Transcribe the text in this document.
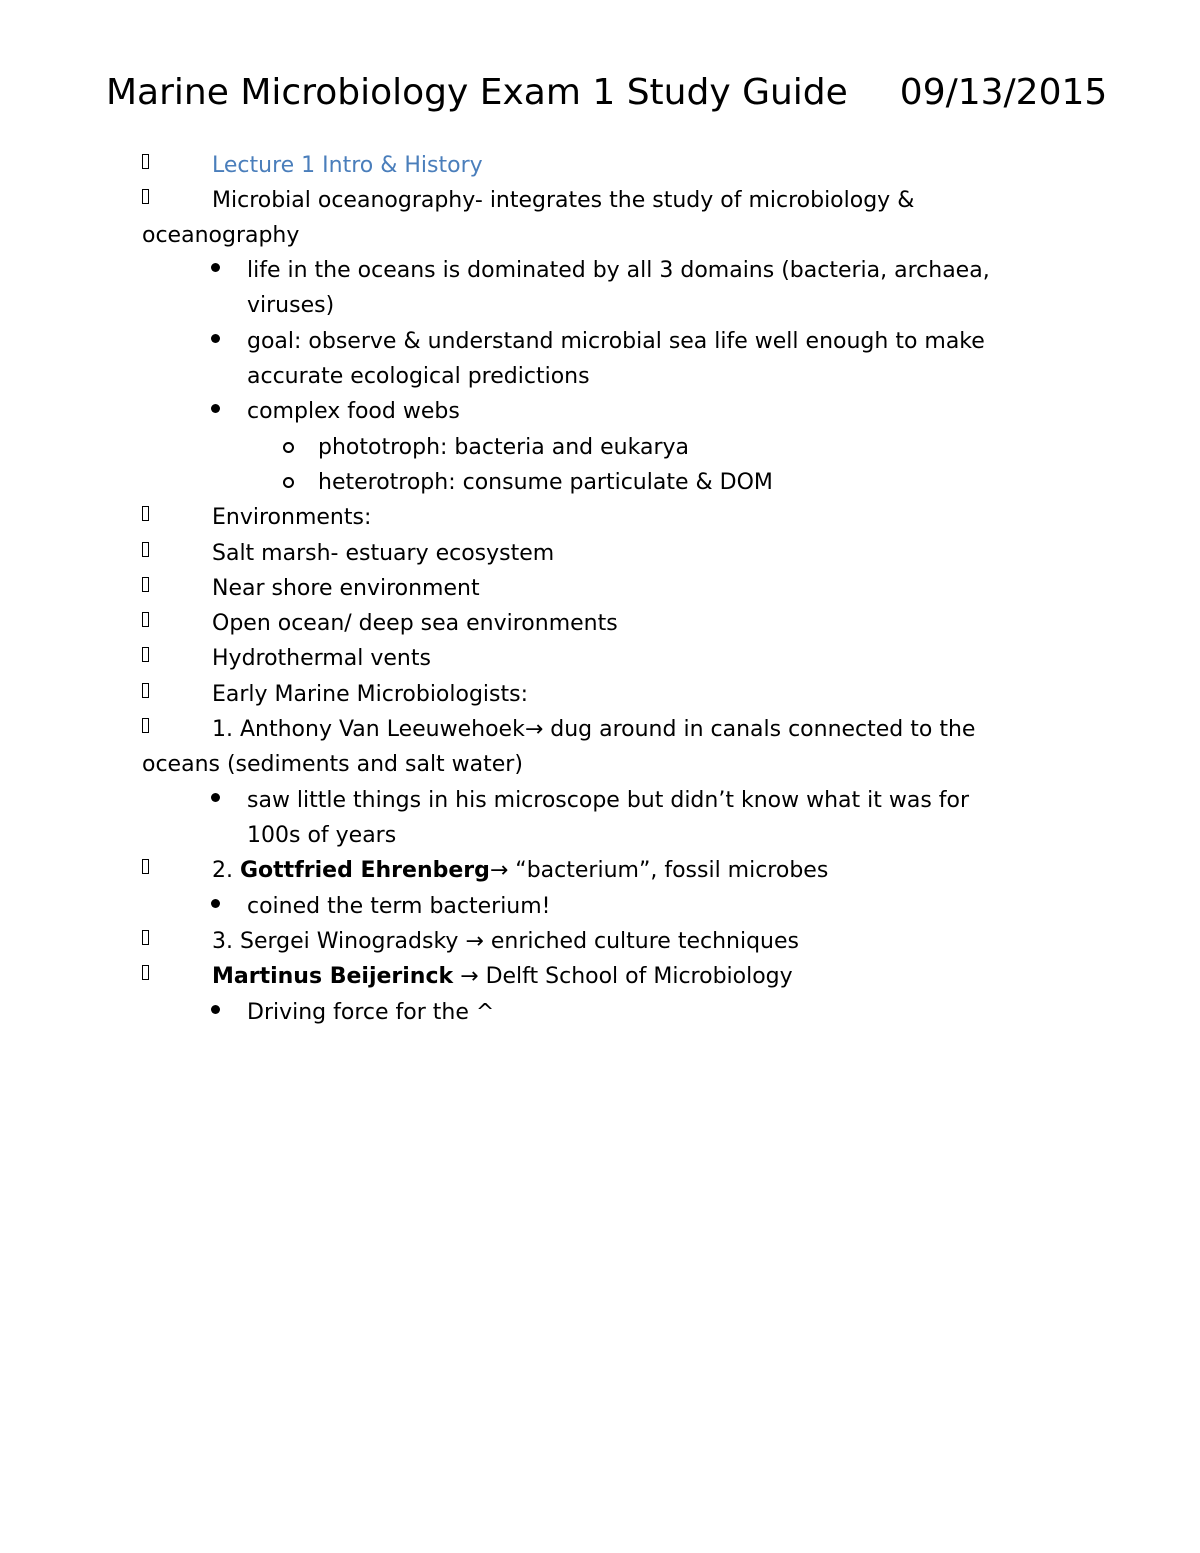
Marine Microbiology Exam 1 Study Guide 09/13/2015
Lecture 1 Intro & History
Microbial oceanography- integrates the study of microbiology &
oceanography
life in the oceans is dominated by all 3 domains (bacteria, archaea,
viruses)
goal: observe & understand microbial sea life well enough to make
accurate ecological predictions
complex food webs
phototroph: bacteria and eukarya
heterotroph: consume particulate & DOM
Environments:
Salt marsh- estuary ecosystem
Near shore environment
Open ocean/ deep sea environments
Hydrothermal vents
Early Marine Microbiologists:
1. Anthony Van Leeuwehoek→ dug around in canals connected to the
oceans (sediments and salt water)
saw little things in his microscope but didn’t know what it was for
100s of years
2. Gottfried Ehrenberg→ “bacterium”, fossil microbes
coined the term bacterium!
3. Sergei Winogradsky → enriched culture techniques
Martinus Beijerinck → Delft School of Microbiology
Driving force for the ^
